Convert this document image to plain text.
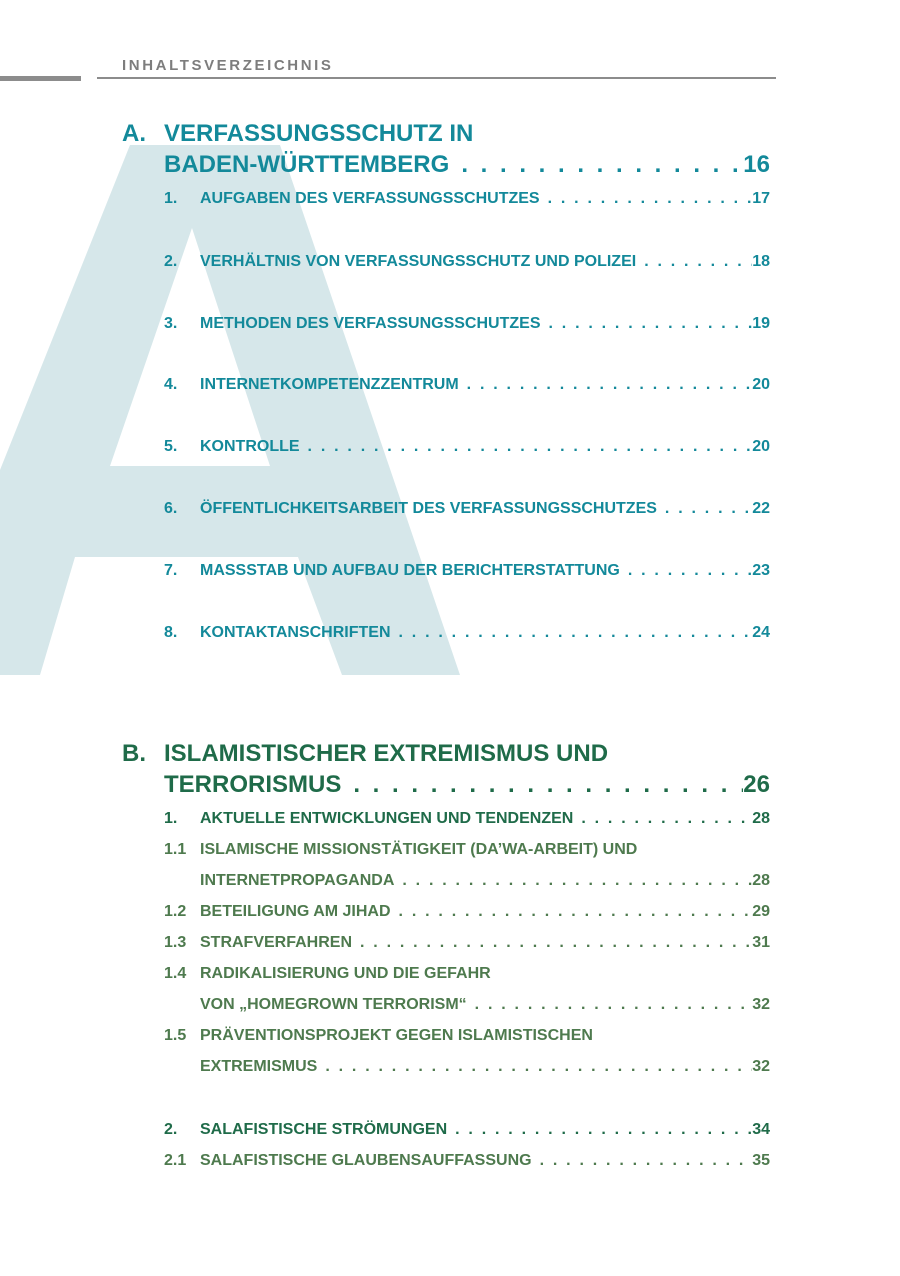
INHALTSVERZEICHNIS
A. VERFASSUNGSSCHUTZ IN
BADEN-WÜRTTEMBERG . . .	16
1. AUFGABEN DES VERFASSUNGSSCHUTZES . . .	17
2. VERHÄLTNIS VON VERFASSUNGSSCHUTZ UND POLIZEI . . .	18
3. METHODEN DES VERFASSUNGSSCHUTZES . . .	19
4. INTERNETKOMPETENZZENTRUM . . .	20
5. KONTROLLE . . .	20
6. ÖFFENTLICHKEITSARBEIT DES VERFASSUNGSSCHUTZES . . .	22
7. MASSSTAB UND AUFBAU DER BERICHTERSTATTUNG . . .	23
8. KONTAKTANSCHRIFTEN . . .	24
B. ISLAMISTISCHER EXTREMISMUS UND
TERRORISMUS . . .	26
1. AKTUELLE ENTWICKLUNGEN UND TENDENZEN . . .	28
1.1 ISLAMISCHE MISSIONSTÄTIGKEIT (DA’WA-ARBEIT) UND
INTERNETPROPAGANDA . . .	28
1.2 BETEILIGUNG AM JIHAD . . .	29
1.3 STRAFVERFAHREN . . .	31
1.4 RADIKALISIERUNG UND DIE GEFAHR
VON „HOMEGROWN TERRORISM“ . . .	32
1.5 PRÄVENTIONSPROJEKT GEGEN ISLAMISTISCHEN
EXTREMISMUS . . .	32
2. SALAFISTISCHE STRÖMUNGEN . . .	34
2.1 SALAFISTISCHE GLAUBENSAUFFASSUNG . . .	35
